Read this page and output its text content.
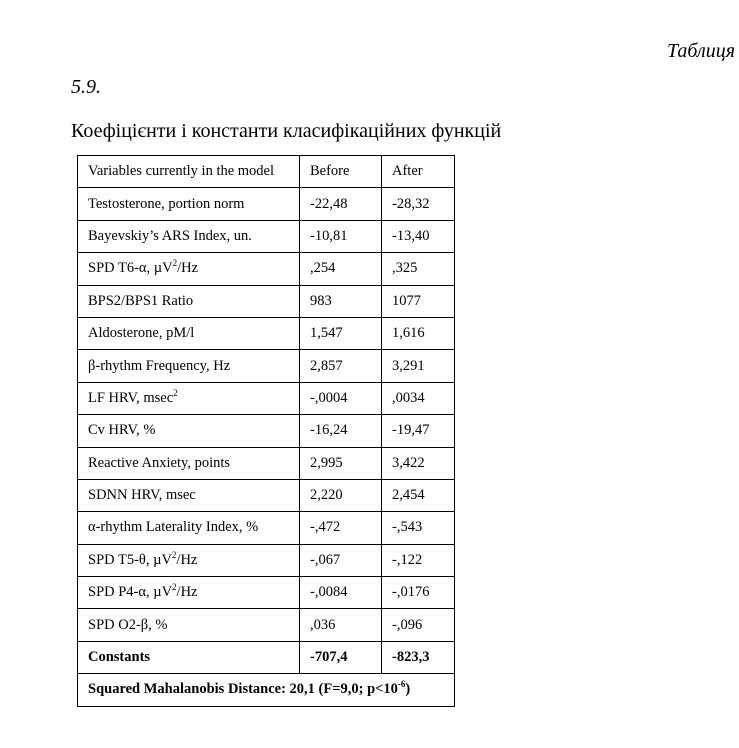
Таблиця

5.9.

Коефіцієнти і константи класифікаційних функцій

Variables currently in the model	Before	After
Testosterone, portion norm	-22,48	-28,32
Bayevskiy’s ARS Index, un.	-10,81	-13,40
SPD T6-α, µV$^2$/Hz	,254	,325
BPS2/BPS1 Ratio	983	1077
Aldosterone, pM/l	1,547	1,616
β-rhythm Frequency, Hz	2,857	3,291
LF HRV, msec$^2$	-,0004	,0034
Cv HRV, %	-16,24	-19,47
Reactive Anxiety, points	2,995	3,422
SDNN HRV, msec	2,220	2,454
α-rhythm Laterality Index, %	-,472	-,543
SPD T5-θ, µV$^2$/Hz	-,067	-,122
SPD P4-α, µV$^2$/Hz	-,0084	-,0176
SPD O2-β, %	,036	-,096
Constants	-707,4	-823,3
Squared Mahalanobis Distance: 20,1 (F=9,0; $p<10^{-6}$)		
